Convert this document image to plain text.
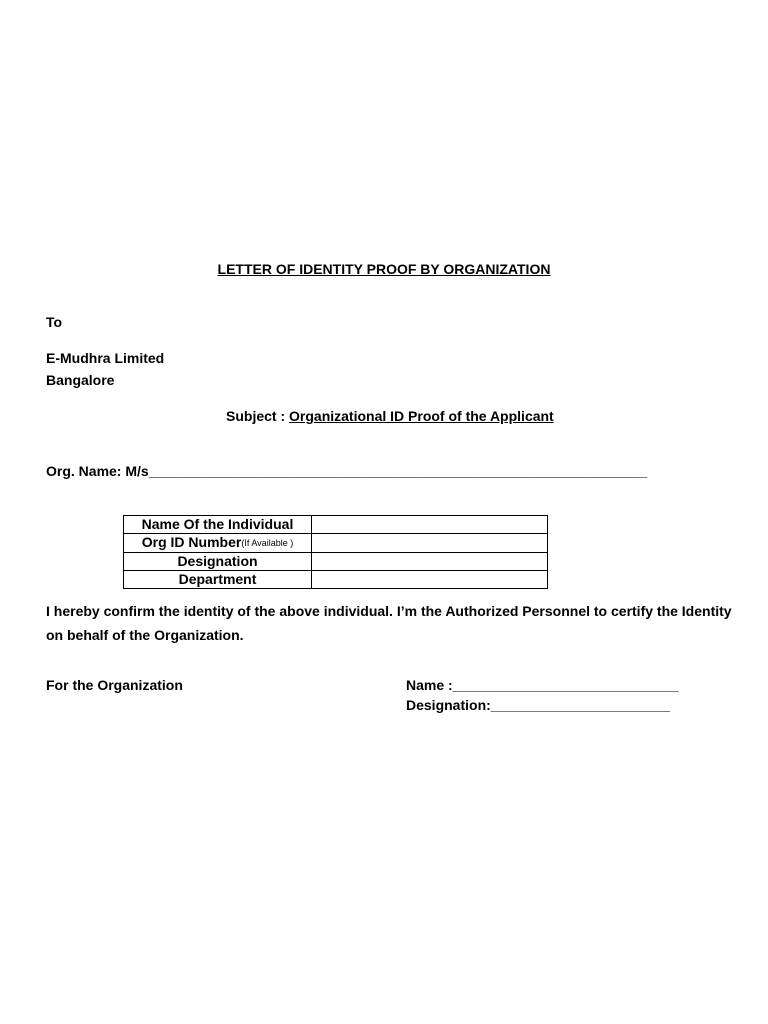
LETTER OF IDENTITY PROOF BY ORGANIZATION
To
E-Mudhra Limited
Bangalore
Subject : Organizational ID Proof of the Applicant
Org. Name: M/s________________________________________________________________
Name Of the Individual	
Org ID Number(If Available )	
Designation	
Department	
I hereby confirm the identity of the above individual. I’m the Authorized Personnel to certify the Identity on behalf of the Organization.
For the Organization	Name :_____________________________
Designation:_______________________
